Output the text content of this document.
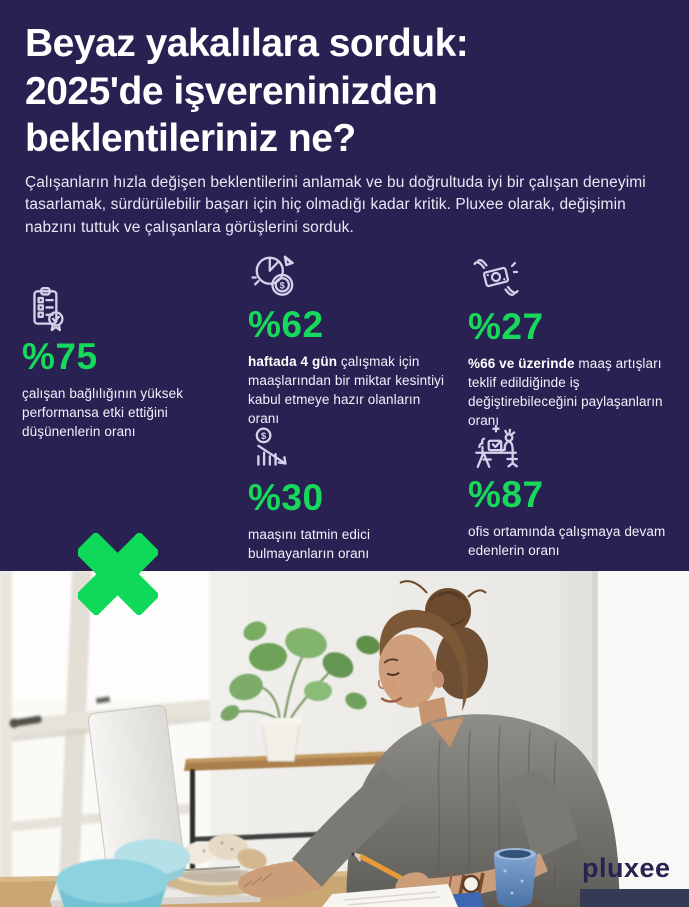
Beyaz yakalılara sorduk:
2025'de işvereninizden
beklentileriniz ne?

Çalışanların hızla değişen beklentilerini anlamak ve bu doğrultuda iyi bir çalışan deneyimi tasarlamak, sürdürülebilir başarı için hiç olmadığı kadar kritik. Pluxee olarak, değişimin nabzını tuttuk ve çalışanlara görüşlerini sorduk.

%75

çalışan bağlılığının yüksek performansa etki ettiğini düşünenlerin oranı

$
%62

haftada 4 gün çalışmak için maaşlarından bir miktar kesintiyi kabul etmeye hazır olanların oranı

%27

%66 ve üzerinde maaş artışları teklif edildiğinde iş değiştirebileceğini paylaşanların oranı

$
%30

maaşını tatmin edici bulmayanların oranı

%87

ofis ortamında çalışmaya devam edenlerin oranı

pluxee
